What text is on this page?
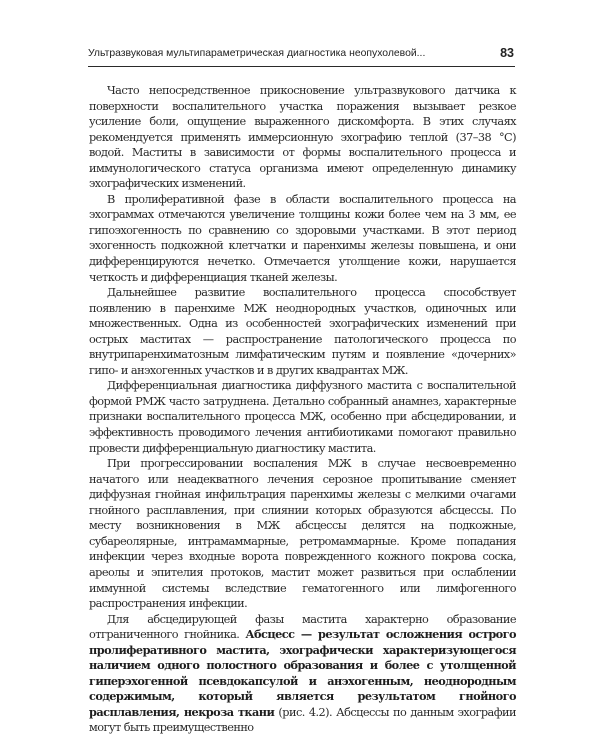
Ультразвуковая мультипараметрическая диагностика неопухолевой...	83

Часто непосредственное прикосновение ультразвукового датчика к поверхности воспалительного участка поражения вызывает резкое усиление боли, ощущение выраженного дискомфорта. В этих случаях рекомендуется применять иммерсионную эхографию теплой (37–38 °С) водой. Маститы в зависимости от формы воспалительного процесса и иммунологического статуса организма имеют определенную динамику эхографических изменений.

В пролиферативной фазе в области воспалительного процесса на эхограммах отмечаются увеличение толщины кожи более чем на 3 мм, ее гипоэхогенность по сравнению со здоровыми участками. В этот период эхогенность подкожной клетчатки и паренхимы железы повышена, и они дифференцируются нечетко. Отмечается утолщение кожи, нарушается четкость и дифференциация тканей железы.

Дальнейшее развитие воспалительного процесса способствует появлению в паренхиме МЖ неоднородных участков, одиночных или множественных. Одна из особенностей эхографических изменений при острых маститах — распространение патологического процесса по внутрипаренхиматозным лимфатическим путям и появление «дочерних» гипо- и анэхогенных участков и в других квадрантах МЖ.

Дифференциальная диагностика диффузного мастита с воспалительной формой РМЖ часто затруднена. Детально собранный анамнез, характерные признаки воспалительного процесса МЖ, особенно при абсцедировании, и эффективность проводимого лечения антибиотиками помогают правильно провести дифференциальную диагностику мастита.

При прогрессировании воспаления МЖ в случае несвоевременно начатого или неадекватного лечения серозное пропитывание сменяет диффузная гнойная инфильтрация паренхимы железы с мелкими очагами гнойного расплавления, при слиянии которых образуются абсцессы. По месту возникновения в МЖ абсцессы делятся на подкожные, субареолярные, интрамаммарные, ретромаммарные. Кроме попадания инфекции через входные ворота поврежденного кожного покрова соска, ареолы и эпителия протоков, мастит может развиться при ослаблении иммунной системы вследствие гематогенного или лимфогенного распространения инфекции.

Для абсцедирующей фазы мастита характерно образование отграниченного гнойника. Абсцесс — результат осложнения острого пролиферативного мастита, эхографически характеризующегося наличием одного полостного образования и более с утолщенной гиперэхогенной псевдокапсулой и анэхогенным, неоднородным содержимым, который является результатом гнойного расплавления, некроза ткани (рис. 4.2). Абсцессы по данным эхографии могут быть преимущественно
